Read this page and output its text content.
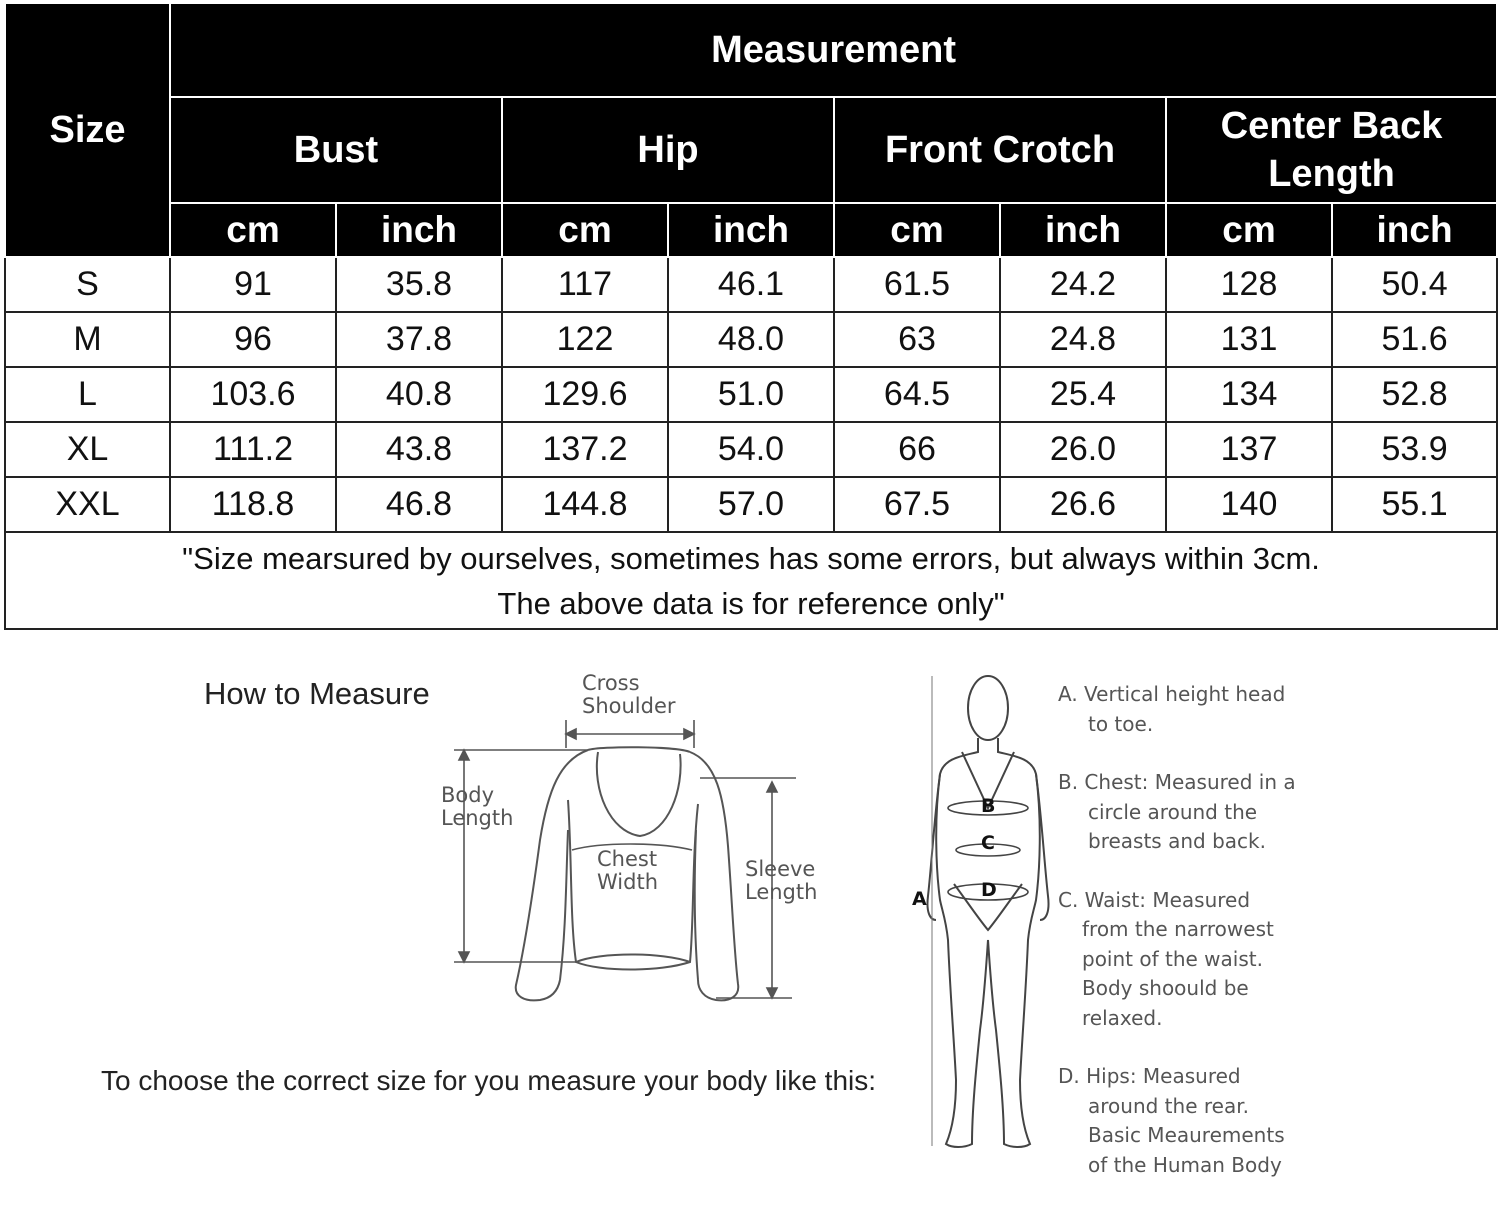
Size	Measurement							
	Bust		Hip		Front Crotch		Center Back Length	
	cm	inch	cm	inch	cm	inch	cm	inch
S	91	35.8	117	46.1	61.5	24.2	128	50.4
M	96	37.8	122	48.0	63	24.8	131	51.6
L	103.6	40.8	129.6	51.0	64.5	25.4	134	52.8
XL	111.2	43.8	137.2	54.0	66	26.0	137	53.9
XXL	118.8	46.8	144.8	57.0	67.5	26.6	140	55.1

"Size mearsured by ourselves, sometimes has some errors, but always within 3cm.
The above data is for reference only"								
How to Measure	Cross
Shoulder
Body
Length
Chest
Width
Sleeve
Length	A
B
C
D
A. Vertical height head
to toe.
B. Chest: Measured in a
circle around the
breasts and back.
C. Waist: Measured
from the narrowest
point of the waist.
Body shoould be
relaxed.
D. Hips: Measured
around the rear.
Basic Meaurements
of the Human Body

To choose the correct size for you measure your body like this:
